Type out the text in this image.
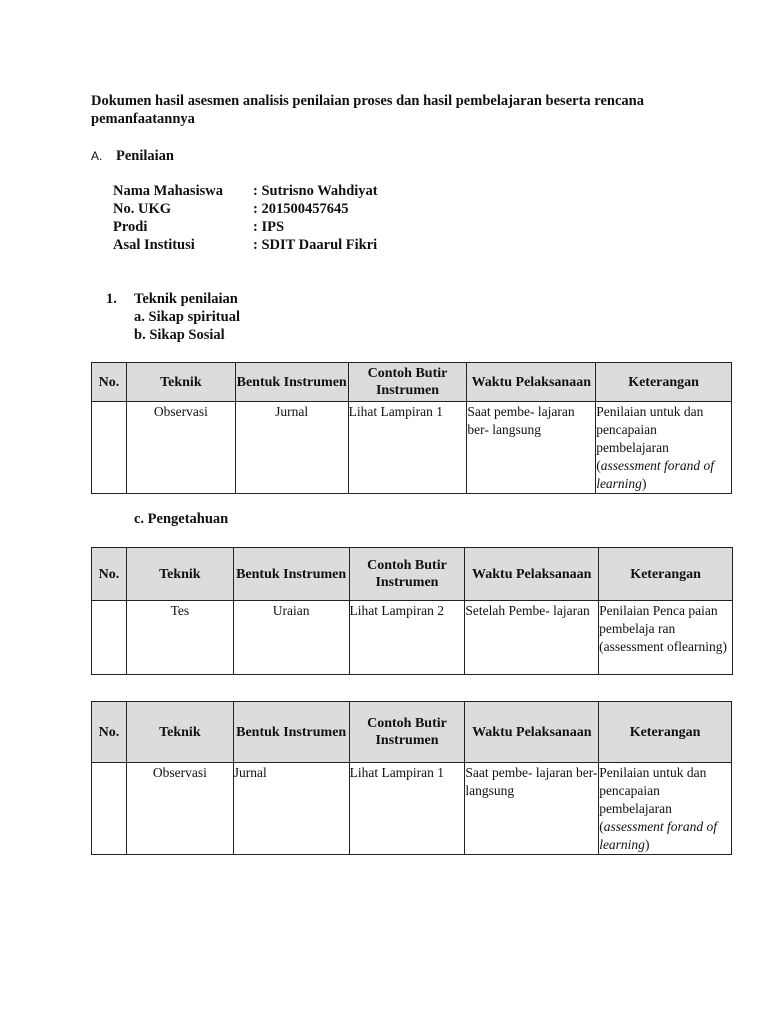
Dokumen hasil asesmen analisis penilaian proses dan hasil pembelajaran beserta rencana pemanfaatannya
A. Penilaian
Nama Mahasiswa	: Sutrisno Wahdiyat
No. UKG	: 201500457645
Prodi	: IPS
Asal Institusi	: SDIT Daarul Fikri
1. Teknik penilaian
a. Sikap spiritual
b. Sikap Sosial
No.	Teknik	Bentuk Instrumen	Contoh Butir Instrumen	Waktu Pelaksanaan	Keterangan
	Observasi	Jurnal	Lihat Lampiran 1	Saat pembe- lajaran ber- langsung	Penilaian untuk dan pencapaian pembelajaran (assessment forand of learning)
c. Pengetahuan
No.	Teknik	Bentuk Instrumen	Contoh Butir Instrumen	Waktu Pelaksanaan	Keterangan
	Tes	Uraian	Lihat Lampiran 2	Setelah Pembe- lajaran	Penilaian Penca paian pembelaja ran (assessment oflearning)
No.	Teknik	Bentuk Instrumen	Contoh Butir Instrumen	Waktu Pelaksanaan	Keterangan
	Observasi	Jurnal	Lihat Lampiran 1	Saat pembe- lajaran ber- langsung	Penilaian untuk dan pencapaian pembelajaran (assessment forand of learning)
